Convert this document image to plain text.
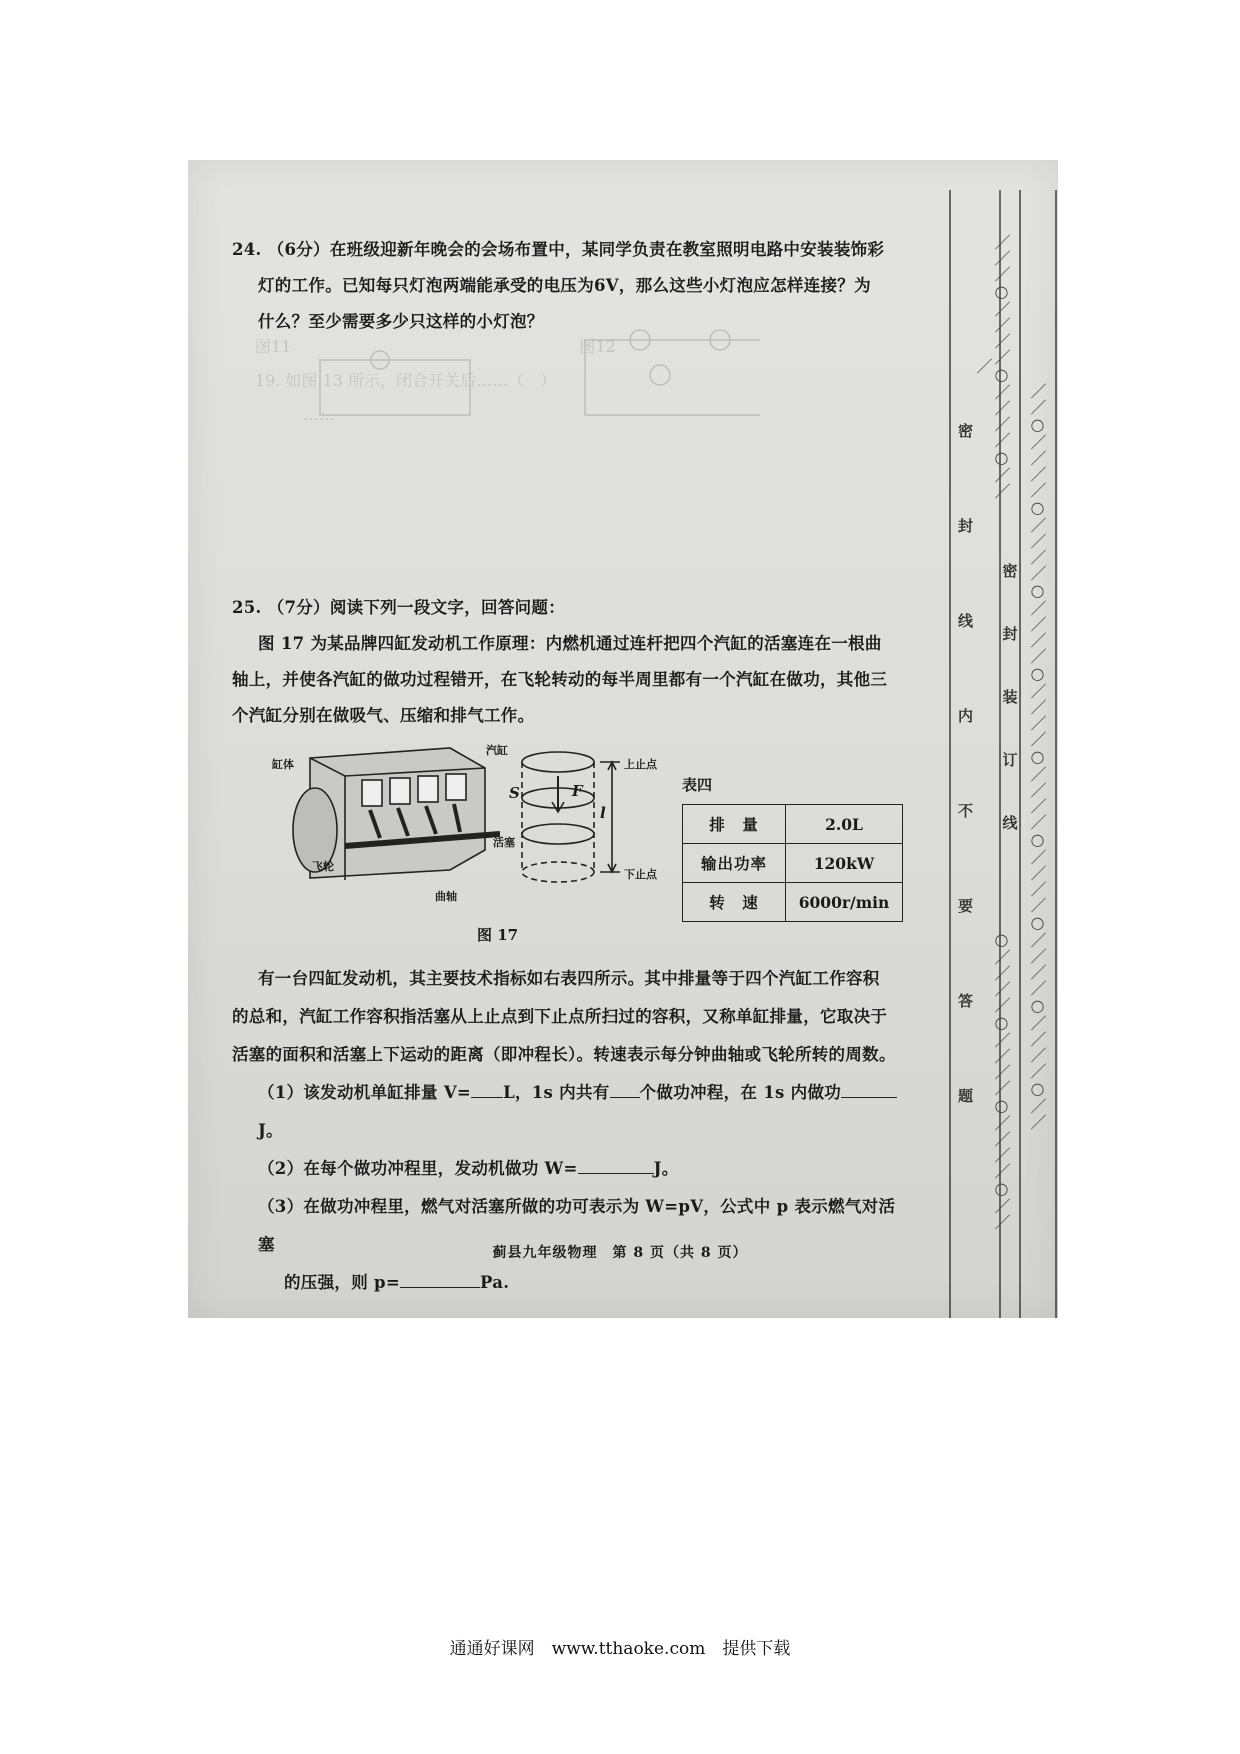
图11　　　　　　　　　　　　　　　　　　图12
19. 如图 13 所示，闭合开关后……（　）
　　　……
24. （6分）在班级迎新年晚会的会场布置中，某同学负责在教室照明电路中安装装饰彩
灯的工作。已知每只灯泡两端能承受的电压为6V，那么这些小灯泡应怎样连接？为
什么？至少需要多少只这样的小灯泡？
25. （7分）阅读下列一段文字，回答问题：
图 17 为某品牌四缸发动机工作原理：内燃机通过连杆把四个汽缸的活塞连在一根曲
轴上，并使各汽缸的做功过程错开，在飞轮转动的每半周里都有一个汽缸在做功，其他三
个汽缸分别在做吸气、压缩和排气工作。
缸体
飞轮
曲轴
汽缸
活塞
上止点
下止点
S	F
l
表四
排　量	2.0L
输出功率	120kW
转　速	6000r/min
图 17
有一台四缸发动机，其主要技术指标如右表四所示。其中排量等于四个汽缸工作容积
的总和，汽缸工作容积指活塞从上止点到下止点所扫过的容积，又称单缸排量，它取决于
活塞的面积和活塞上下运动的距离（即冲程长）。转速表示每分钟曲轴或飞轮所转的周数。
（1）该发动机单缸排量 V= L，1s 内共有 个做功冲程，在 1s 内做功J。
（2）在每个做功冲程里，发动机做功 W=	J。
（3）在做功冲程里，燃气对活塞所做的功可表示为 W=pV，公式中 p 表示燃气对活塞
的压强，则 p=	Pa.
蓟县九年级物理　第 8 页（共 8 页）
／／／○／／／／○／／／／○／／／
○／／／／○／／／／○／／／／○／／ ／／○／／／／○／／／／○／／／／○／／／／○／／／／○／／／／○／／／／○／／／／○／／
密
封
线
内
不
要
答
题
密
封
装
订
线
通通好课网　www.tthaoke.com　提供下载
